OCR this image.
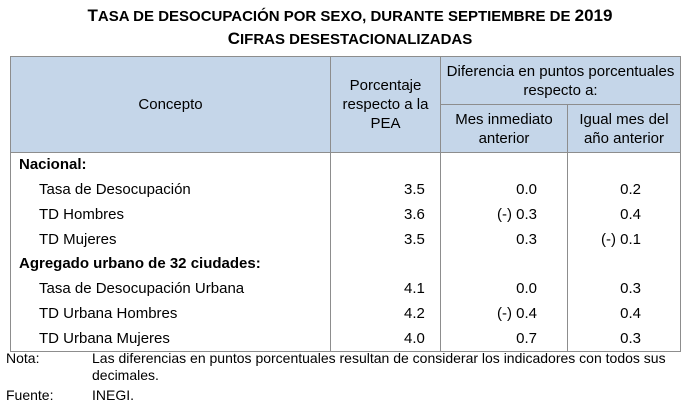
TASA DE DESOCUPACIÓN POR SEXO, DURANTE SEPTIEMBRE DE 2019
CIFRAS DESESTACIONALIZADAS
Concepto	Porcentaje respecto a la PEA	Diferencia en puntos porcentuales respecto a:	
		Mes inmediato anterior	Igual mes del año anterior
Nacional:			
Tasa de Desocupación	3.5	0.0	0.2
TD Hombres	3.6	(-) 0.3	0.4
TD Mujeres	3.5	0.3	(-) 0.1
Agregado urbano de 32 ciudades:			
Tasa de Desocupación Urbana	4.1	0.0	0.3
TD Urbana Hombres	4.2	(-) 0.4	0.4
TD Urbana Mujeres	4.0	0.7	0.3
Nota:	Las diferencias en puntos porcentuales resultan de considerar los indicadores con todos sus decimales.
Fuente:	INEGI.
